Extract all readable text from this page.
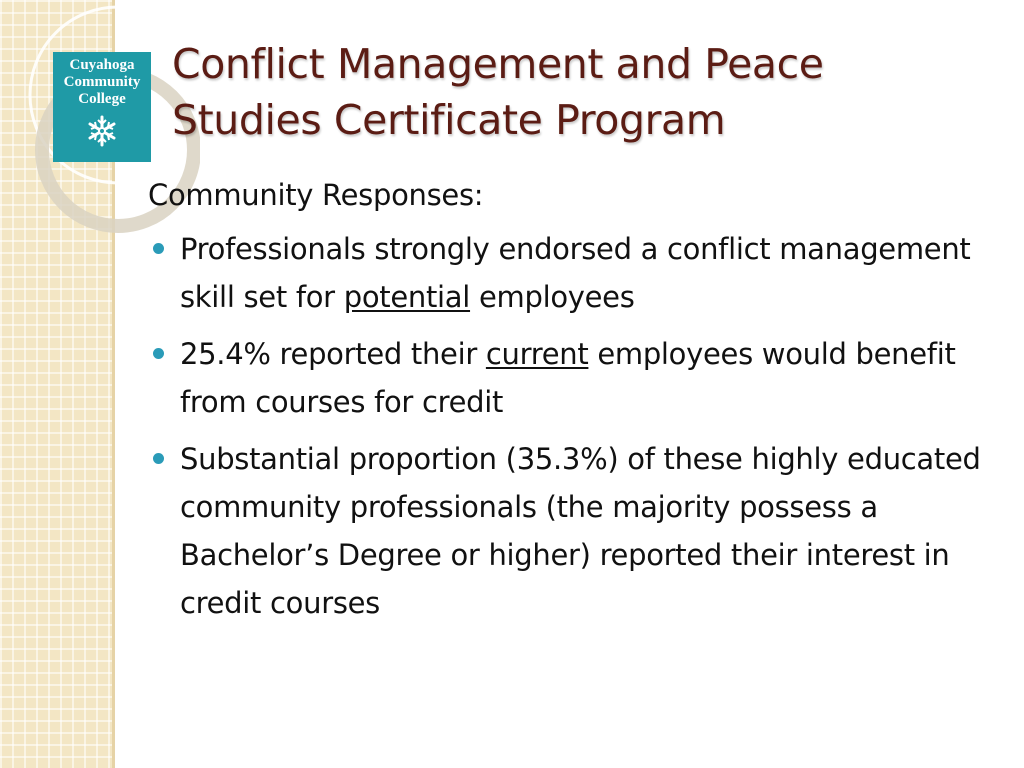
Cuyahoga
Community
College
Conflict Management and Peace
Studies Certificate Program

Community Responses:

Professionals strongly endorsed a conflict management skill set for potential employees
25.4% reported their current employees would benefit from courses for credit
Substantial proportion (35.3%) of these highly educated community professionals (the majority possess a Bachelor’s Degree or higher) reported their interest in credit courses
